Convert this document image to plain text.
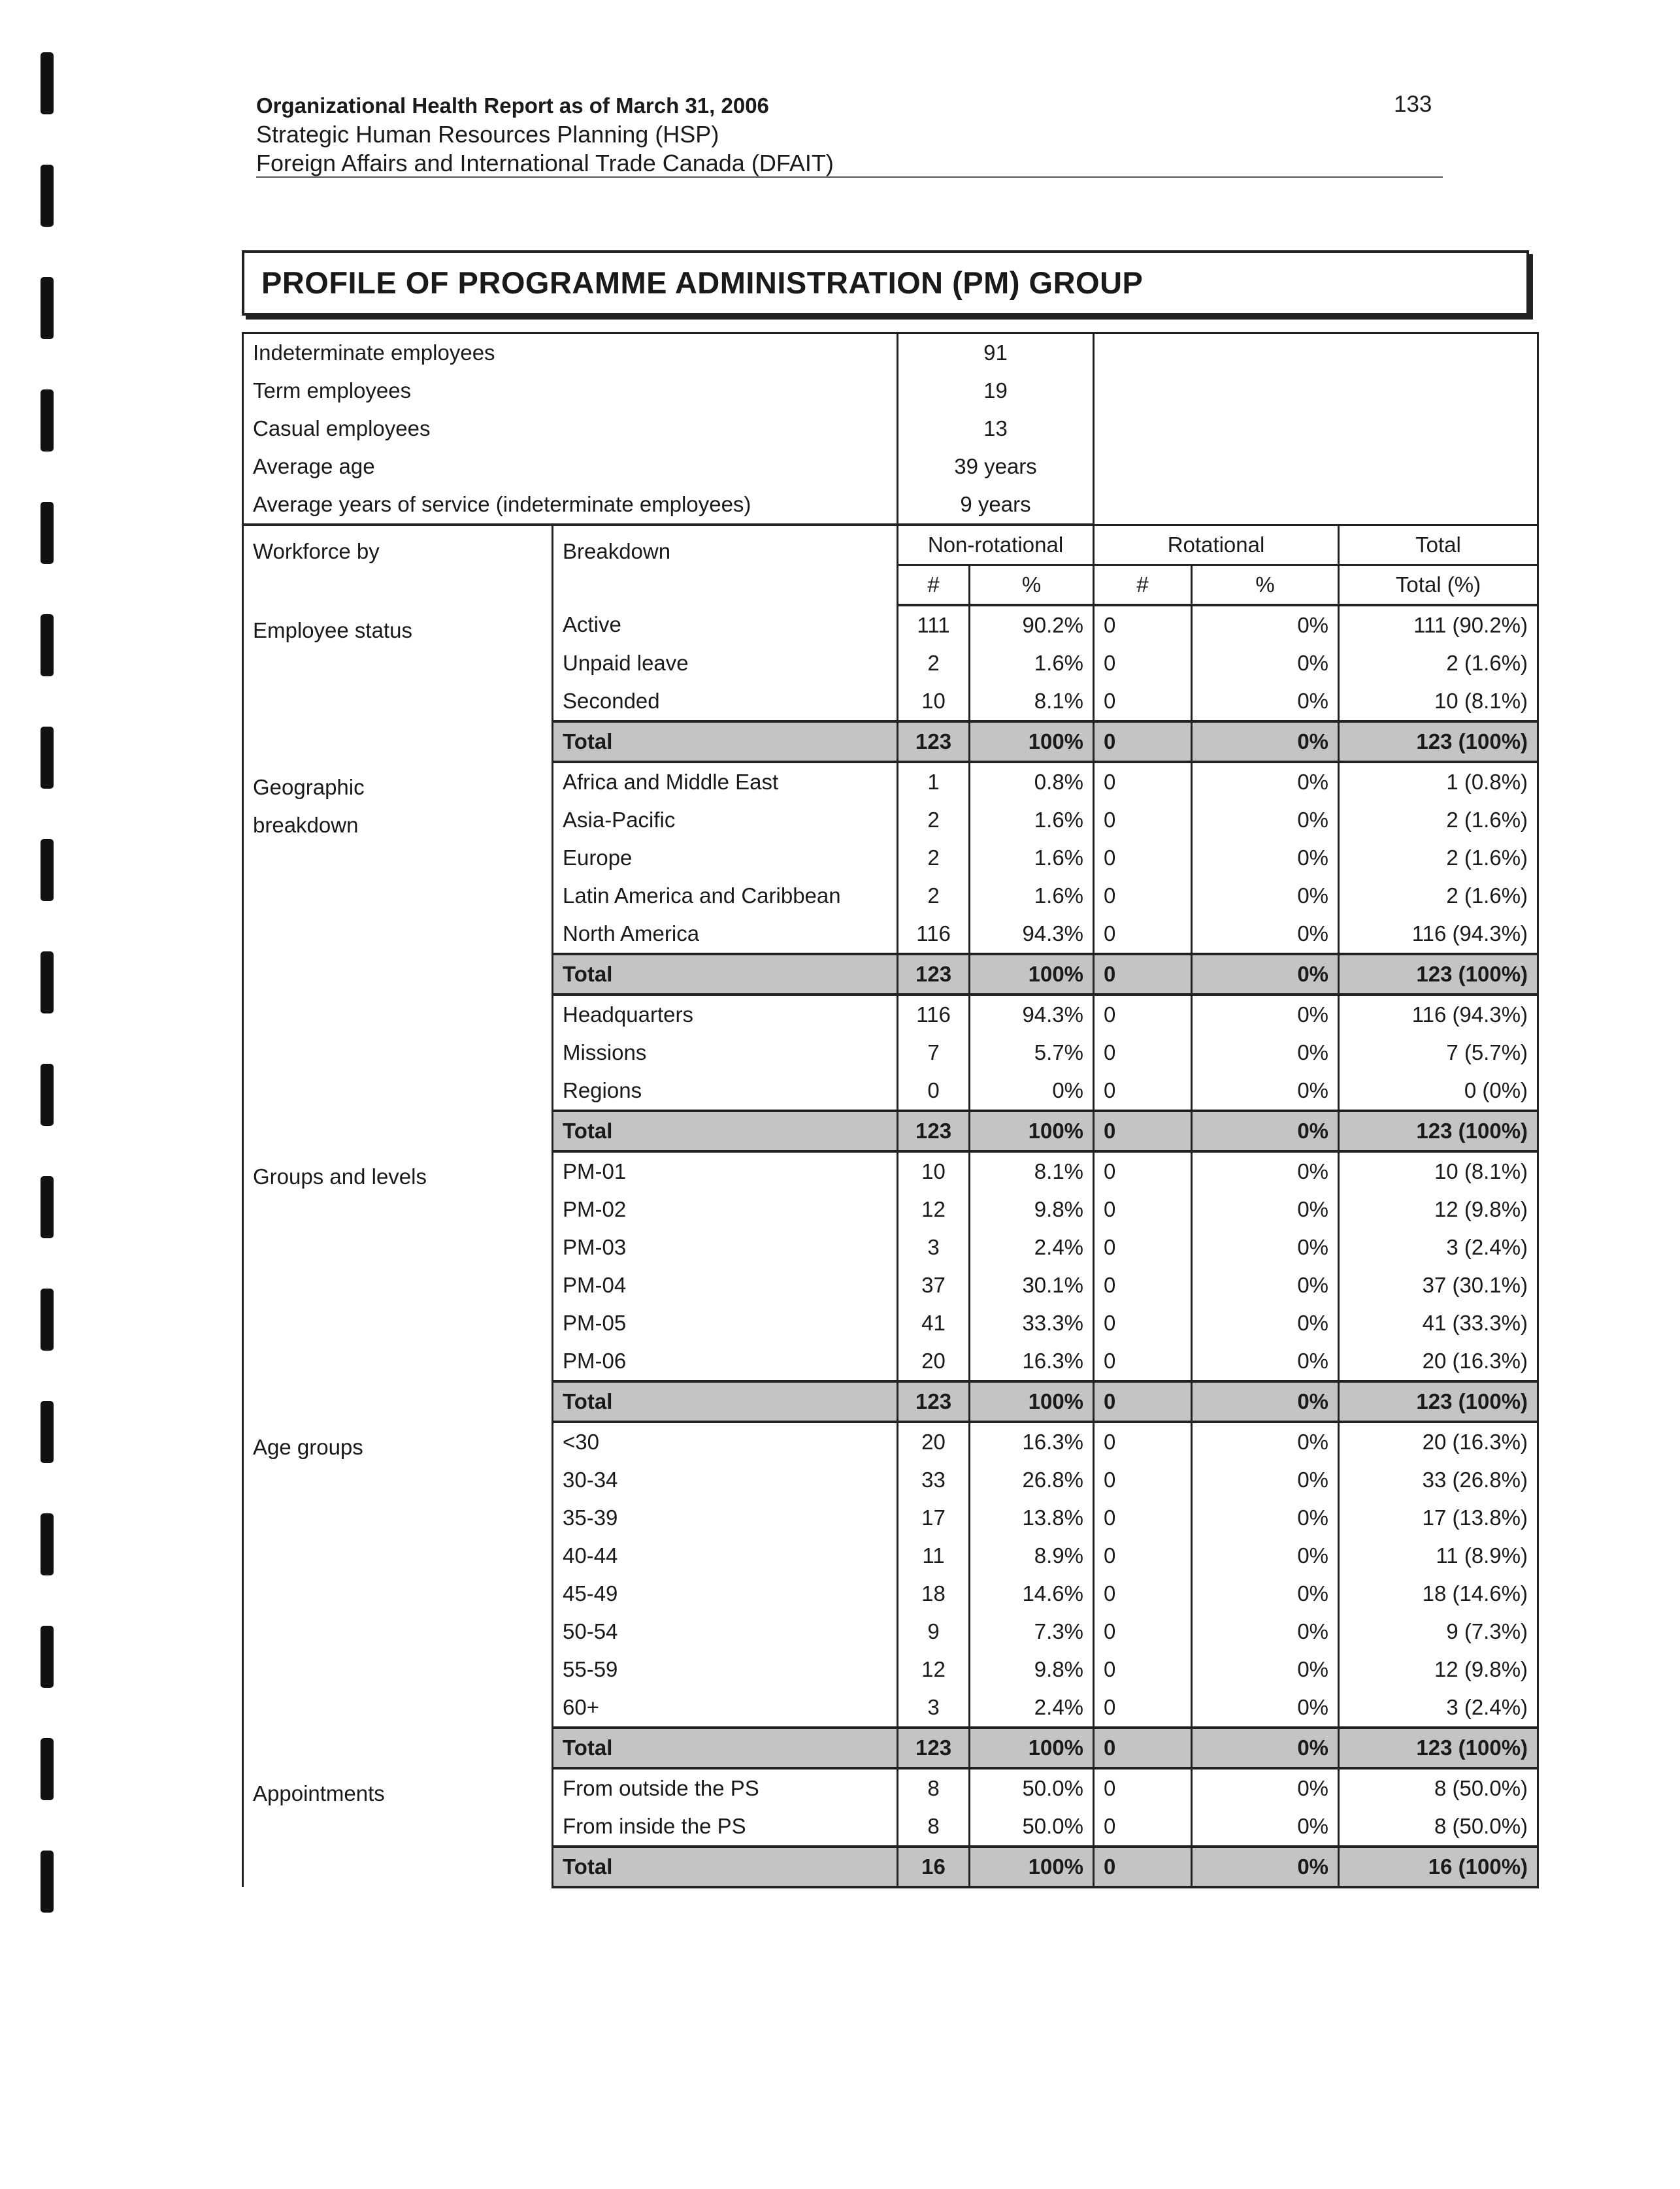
Organizational Health Report as of March 31, 2006
Strategic Human Resources Planning (HSP)
Foreign Affairs and International Trade Canada (DFAIT)
133
PROFILE OF PROGRAMME ADMINISTRATION (PM) GROUP
Indeterminate employees		91				
Term employees		19				
Casual employees		13				
Average age		39 years				
Average years of service (indeterminate employees)		9 years				
Workforce by	Breakdown	Non-rotational		Rotational		Total
		#	%	#	%	Total (%)

Employee status	Active	111	90.2%	0	0%	111 (90.2%)
	Unpaid leave	2	1.6%	0	0%	2 (1.6%)
	Seconded	10	8.1%	0	0%	10 (8.1%)
	Total	123	100%	0	0%	123 (100%)

Geographic
breakdown	Africa and Middle East	1	0.8%	0	0%	1 (0.8%)
	Asia-Pacific	2	1.6%	0	0%	2 (1.6%)
	Europe	2	1.6%	0	0%	2 (1.6%)
	Latin America and Caribbean	2	1.6%	0	0%	2 (1.6%)
	North America	116	94.3%	0	0%	116 (94.3%)
	Total	123	100%	0	0%	123 (100%)
	Headquarters	116	94.3%	0	0%	116 (94.3%)
	Missions	7	5.7%	0	0%	7 (5.7%)
	Regions	0	0%	0	0%	0 (0%)
	Total	123	100%	0	0%	123 (100%)

Groups and levels	PM-01	10	8.1%	0	0%	10 (8.1%)
	PM-02	12	9.8%	0	0%	12 (9.8%)
	PM-03	3	2.4%	0	0%	3 (2.4%)
	PM-04	37	30.1%	0	0%	37 (30.1%)
	PM-05	41	33.3%	0	0%	41 (33.3%)
	PM-06	20	16.3%	0	0%	20 (16.3%)
	Total	123	100%	0	0%	123 (100%)

Age groups	<30	20	16.3%	0	0%	20 (16.3%)
	30-34	33	26.8%	0	0%	33 (26.8%)
	35-39	17	13.8%	0	0%	17 (13.8%)
	40-44	11	8.9%	0	0%	11 (8.9%)
	45-49	18	14.6%	0	0%	18 (14.6%)
	50-54	9	7.3%	0	0%	9 (7.3%)
	55-59	12	9.8%	0	0%	12 (9.8%)
	60+	3	2.4%	0	0%	3 (2.4%)
	Total	123	100%	0	0%	123 (100%)

Appointments	From outside the PS	8	50.0%	0	0%	8 (50.0%)
	From inside the PS	8	50.0%	0	0%	8 (50.0%)
	Total	16	100%	0	0%	16 (100%)
